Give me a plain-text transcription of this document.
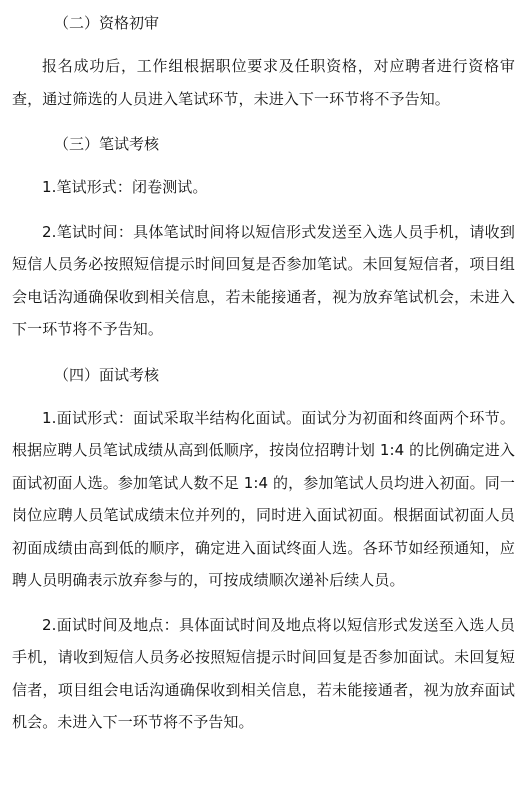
（二）资格初审

报名成功后，工作组根据职位要求及任职资格，对应聘者进行资格审查，通过筛选的人员进入笔试环节，未进入下一环节将不予告知。

（三）笔试考核

1.笔试形式：闭卷测试。

2.笔试时间：具体笔试时间将以短信形式发送至入选人员手机，请收到短信人员务必按照短信提示时间回复是否参加笔试。未回复短信者，项目组会电话沟通确保收到相关信息，若未能接通者，视为放弃笔试机会，未进入下一环节将不予告知。

（四）面试考核

1.面试形式：面试采取半结构化面试。面试分为初面和终面两个环节。根据应聘人员笔试成绩从高到低顺序，按岗位招聘计划 1:4 的比例确定进入面试初面人选。参加笔试人数不足 1:4 的，参加笔试人员均进入初面。同一岗位应聘人员笔试成绩末位并列的，同时进入面试初面。根据面试初面人员初面成绩由高到低的顺序，确定进入面试终面人选。各环节如经预通知，应聘人员明确表示放弃参与的，可按成绩顺次递补后续人员。

2.面试时间及地点：具体面试时间及地点将以短信形式发送至入选人员手机，请收到短信人员务必按照短信提示时间回复是否参加面试。未回复短信者，项目组会电话沟通确保收到相关信息，若未能接通者，视为放弃面试机会。未进入下一环节将不予告知。
